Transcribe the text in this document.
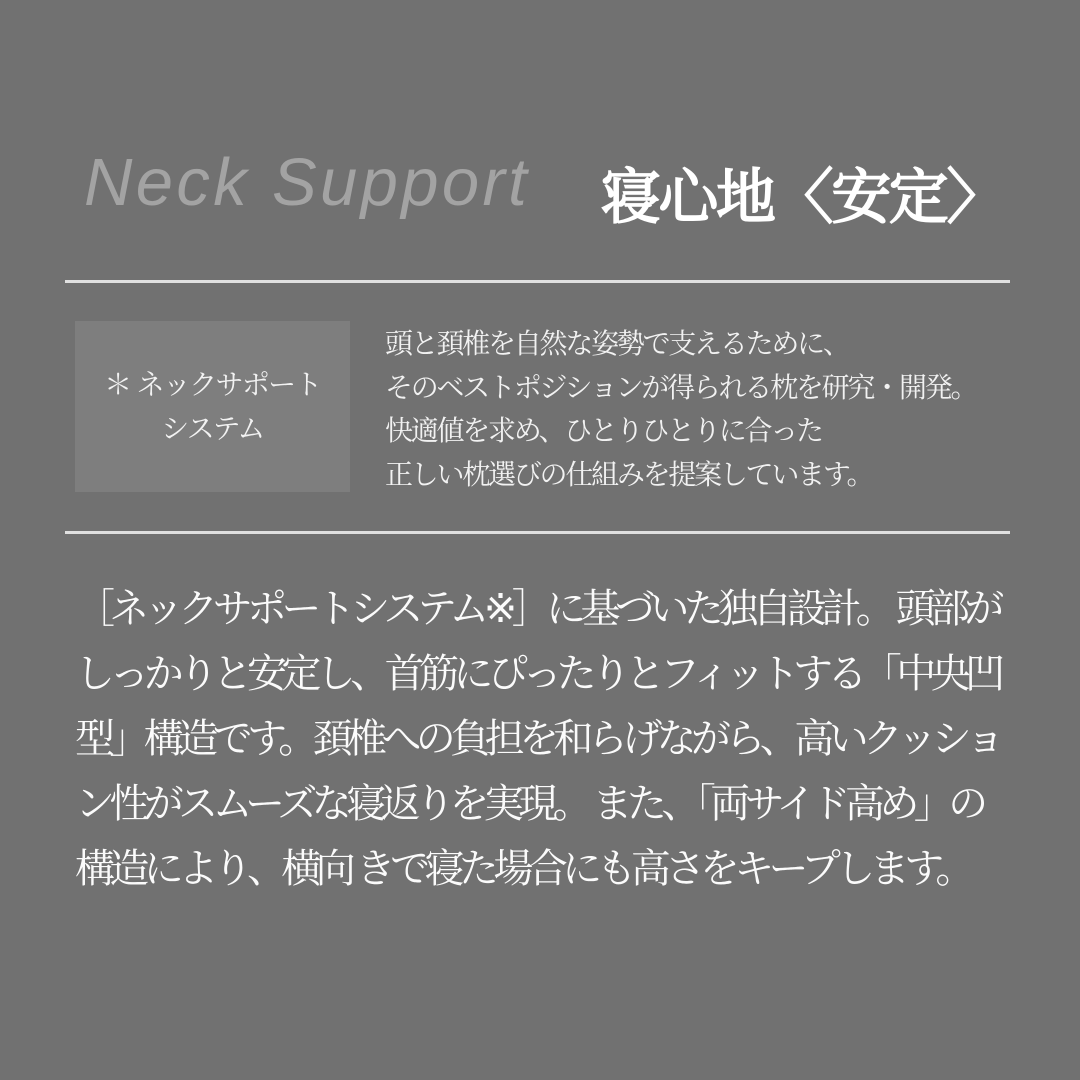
Neck Support 寝心地〈安定〉
＊ ネックサポート
システム
頭と頚椎を自然な姿勢で支えるために、
そのベストポジションが得られる枕を研究・開発。
快適値を求め、ひとりひとりに合った
正しい枕選びの仕組みを提案しています。
［ネックサポートシステム※］に基づいた独自設計。 頭部が
しっかりと安定し、首筋にぴったりとフィットする「中央凹
型」構造です。頚椎への負担を和らげながら、高いクッショ
ン性がスムーズな寝返りを実現。 また、「両サイド高め」の
構造により、横向 きで寝た場合にも高さをキープします。
